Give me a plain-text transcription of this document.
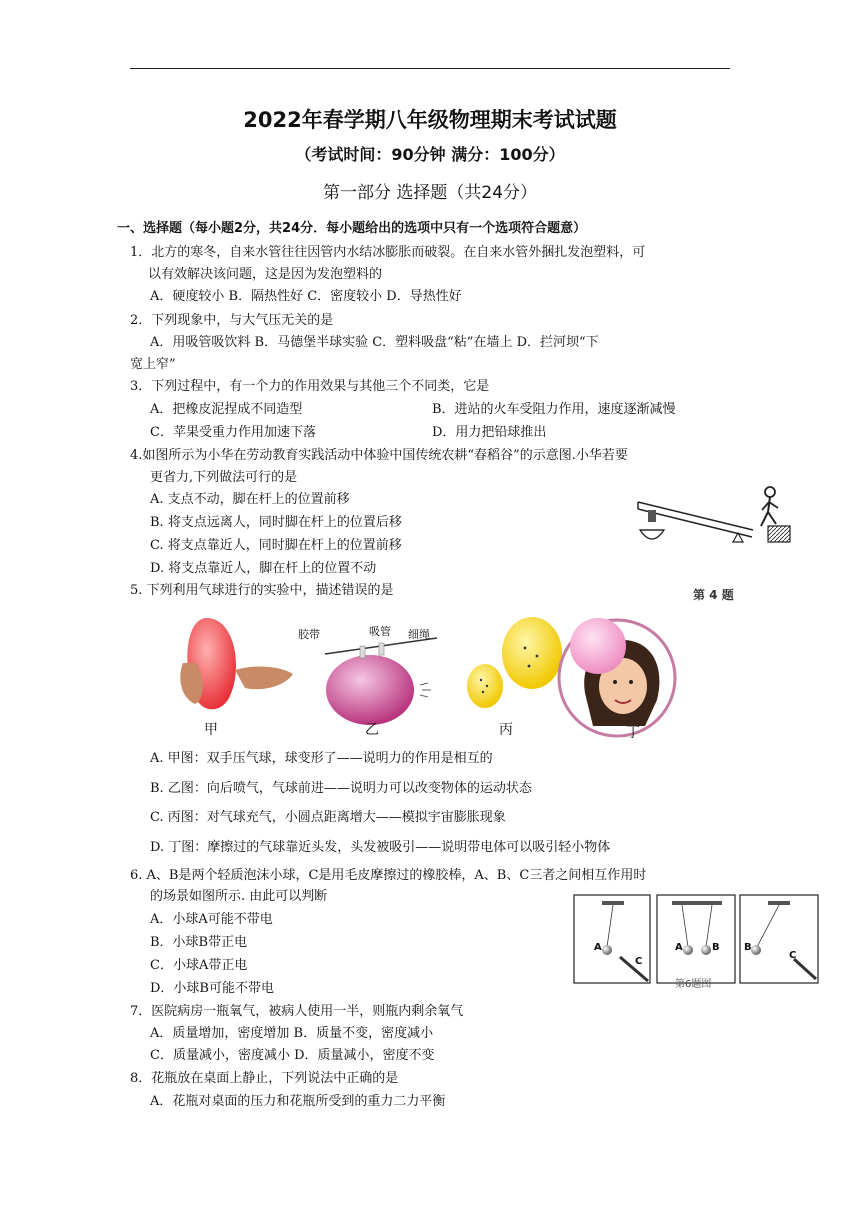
2022年春学期八年级物理期末考试试题
（考试时间：90分钟 满分：100分）
第一部分 选择题（共24分）
一、选择题（每小题2分，共24分．每小题给出的选项中只有一个选项符合题意）
1．北方的寒冬，自来水管往往因管内水结冰膨胀而破裂。在自来水管外捆扎发泡塑料，可
以有效解决该问题，这是因为发泡塑料的
A．硬度较小 B．隔热性好 C．密度较小 D．导热性好
2．下列现象中，与大气压无关的是
A．用吸管吸饮料 B．马德堡半球实验 C．塑料吸盘“粘”在墙上 D．拦河坝“下
宽上窄”
3．下列过程中，有一个力的作用效果与其他三个不同类，它是
A．把橡皮泥捏成不同造型	B．进站的火车受阻力作用，速度逐渐减慢
C．苹果受重力作用加速下落	D．用力把铅球推出
4.如图所示为小华在劳动教育实践活动中体验中国传统农耕“春稻谷”的示意图.小华若要
更省力,下列做法可行的是
A. 支点不动，脚在杆上的位置前移
B. 将支点远离人，同时脚在杆上的位置后移
C. 将支点靠近人，同时脚在杆上的位置前移
D. 将支点靠近人，脚在杆上的位置不动
第 4 题
5. 下列利用气球进行的实验中，描述错误的是
胶带	吸管 细绳
甲	乙	丙	丁
A. 甲图：双手压气球，球变形了——说明力的作用是相互的
B. 乙图：向后喷气，气球前进——说明力可以改变物体的运动状态
C. 丙图：对气球充气，小圆点距离增大——模拟宇宙膨胀现象
D. 丁图：摩擦过的气球靠近头发，头发被吸引——说明带电体可以吸引轻小物体
6. A、B是两个轻质泡沫小球，C是用毛皮摩擦过的橡胶棒，A、B、C三者之间相互作用时
的场景如图所示. 由此可以判断
A．小球A可能不带电
B．小球B带正电
C．小球A带正电
D．小球B可能不带电
A
C
A	B B
C
第6题图
7．医院病房一瓶氧气，被病人使用一半，则瓶内剩余氧气
A．质量增加，密度增加 B．质量不变，密度减小
C．质量减小，密度减小 D．质量减小，密度不变
8．花瓶放在桌面上静止，下列说法中正确的是
A．花瓶对桌面的压力和花瓶所受到的重力二力平衡
